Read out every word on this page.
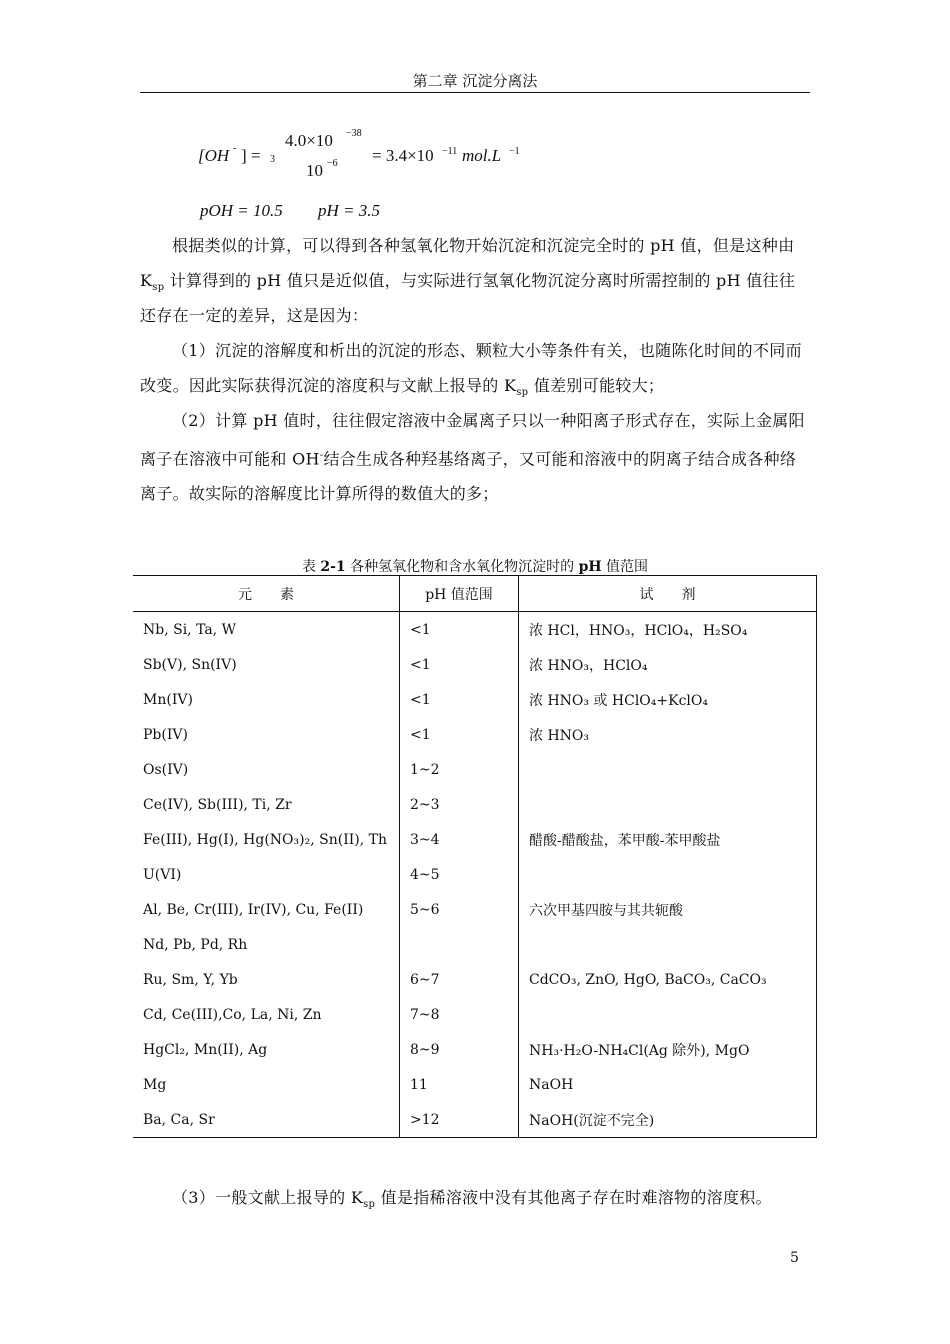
第二章 沉淀分离法
[OH - ] = 3
4.0×10 −38
10 −6 = 3.4×10 −11 mol.L −1
pOH = 10.5 pH = 3.5
根据类似的计算，可以得到各种氢氧化物开始沉淀和沉淀完全时的 pH 值，但是这种由 $K_{sp}$ 计算得到的 pH 值只是近似值，与实际进行氢氧化物沉淀分离时所需控制的 pH 值往往还存在一定的差异，这是因为：
（1）沉淀的溶解度和析出的沉淀的形态、颗粒大小等条件有关，也随陈化时间的不同而改变。因此实际获得沉淀的溶度积与文献上报导的 $K_{sp}$ 值差别可能较大；
（2）计算 pH 值时，往往假定溶液中金属离子只以一种阳离子形式存在，实际上金属阳离子在溶液中可能和 OH-结合生成各种羟基络离子，又可能和溶液中的阴离子结合成各种络离子。故实际的溶解度比计算所得的数值大的多；
表 2-1 各种氢氧化物和含水氧化物沉淀时的 pH 值范围
元　　素	pH 值范围	试　　剂
Nb, Si, Ta, W	<1	浓 HCl，HNO₃，HClO₄，H₂SO₄
Sb(V), Sn(IV)	<1	浓 HNO₃，HClO₄
Mn(IV)	<1	浓 HNO₃ 或 HClO₄+KclO₄
Pb(IV)	<1	浓 HNO₃
Os(IV)	1~2	
Ce(IV), Sb(III), Ti, Zr	2~3	
Fe(III), Hg(I), Hg(NO₃)₂, Sn(II), Th	3~4	醋酸-醋酸盐，苯甲酸-苯甲酸盐
U(VI)	4~5	
Al, Be, Cr(III), Ir(IV), Cu, Fe(II)	5~6	六次甲基四胺与其共轭酸
Nd, Pb, Pd, Rh		
Ru, Sm, Y, Yb	6~7	CdCO₃, ZnO, HgO, BaCO₃, CaCO₃
Cd, Ce(III),Co, La, Ni, Zn	7~8	
HgCl₂, Mn(II), Ag	8~9	NH₃·H₂O-NH₄Cl(Ag 除外), MgO
Mg	11	NaOH
Ba, Ca, Sr	>12	NaOH(沉淀不完全)
（3）一般文献上报导的 $K_{sp}$ 值是指稀溶液中没有其他离子存在时难溶物的溶度积。
5
